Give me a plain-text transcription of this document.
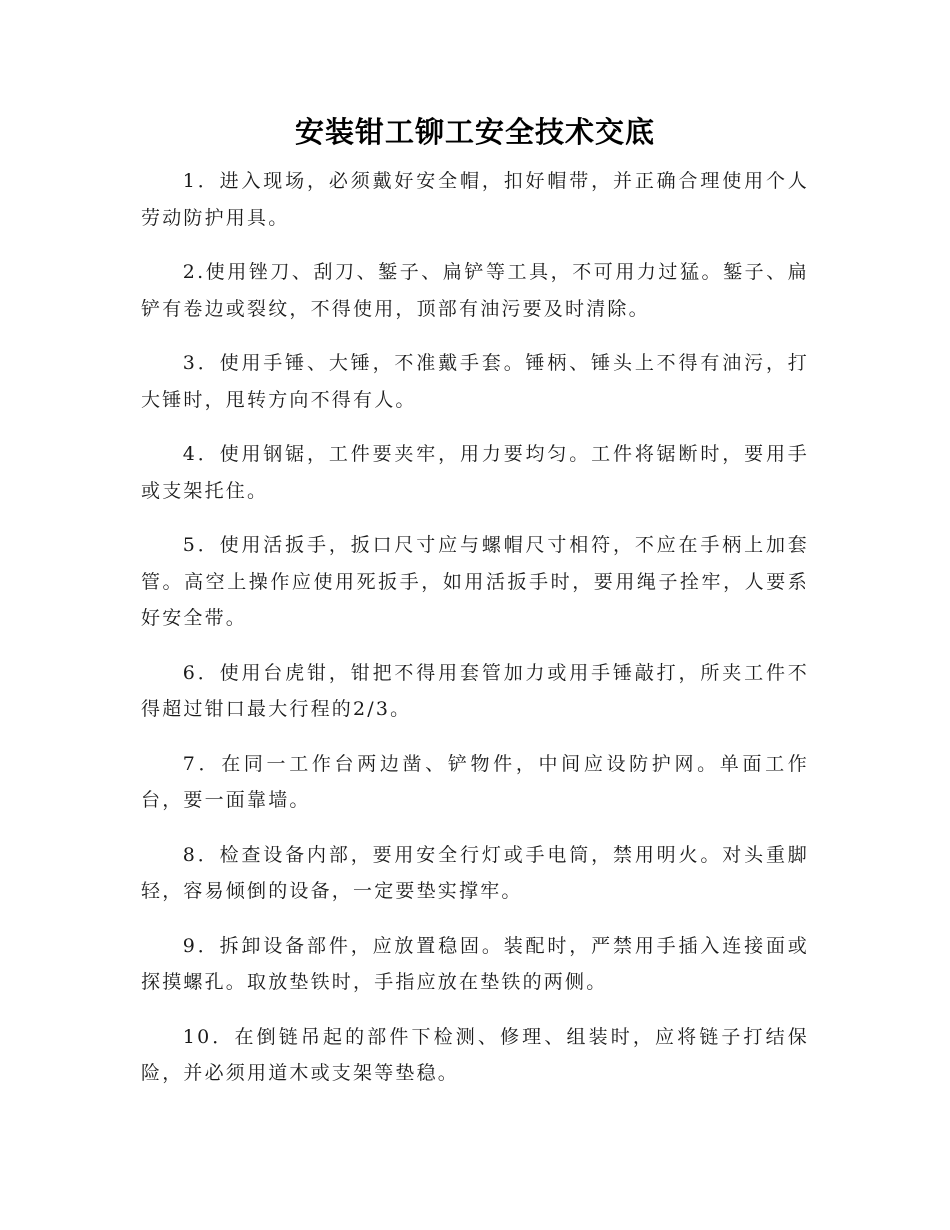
安装钳工铆工安全技术交底

1．进入现场，必须戴好安全帽，扣好帽带，并正确合理使用个人劳动防护用具。

2.使用锉刀、刮刀、錾子、扁铲等工具，不可用力过猛。錾子、扁铲有卷边或裂纹，不得使用，顶部有油污要及时清除。

3．使用手锤、大锤，不准戴手套。锤柄、锤头上不得有油污，打大锤时，甩转方向不得有人。

4．使用钢锯，工件要夹牢，用力要均匀。工件将锯断时，要用手或支架托住。

5．使用活扳手，扳口尺寸应与螺帽尺寸相符，不应在手柄上加套管。高空上操作应使用死扳手，如用活扳手时，要用绳子拴牢，人要系好安全带。

6．使用台虎钳，钳把不得用套管加力或用手锤敲打，所夹工件不得超过钳口最大行程的2/3。

7．在同一工作台两边凿、铲物件，中间应设防护网。单面工作台，要一面靠墙。

8．检查设备内部，要用安全行灯或手电筒，禁用明火。对头重脚轻，容易倾倒的设备，一定要垫实撑牢。

9．拆卸设备部件，应放置稳固。装配时，严禁用手插入连接面或探摸螺孔。取放垫铁时，手指应放在垫铁的两侧。

10．在倒链吊起的部件下检测、修理、组装时，应将链子打结保险，并必须用道木或支架等垫稳。
